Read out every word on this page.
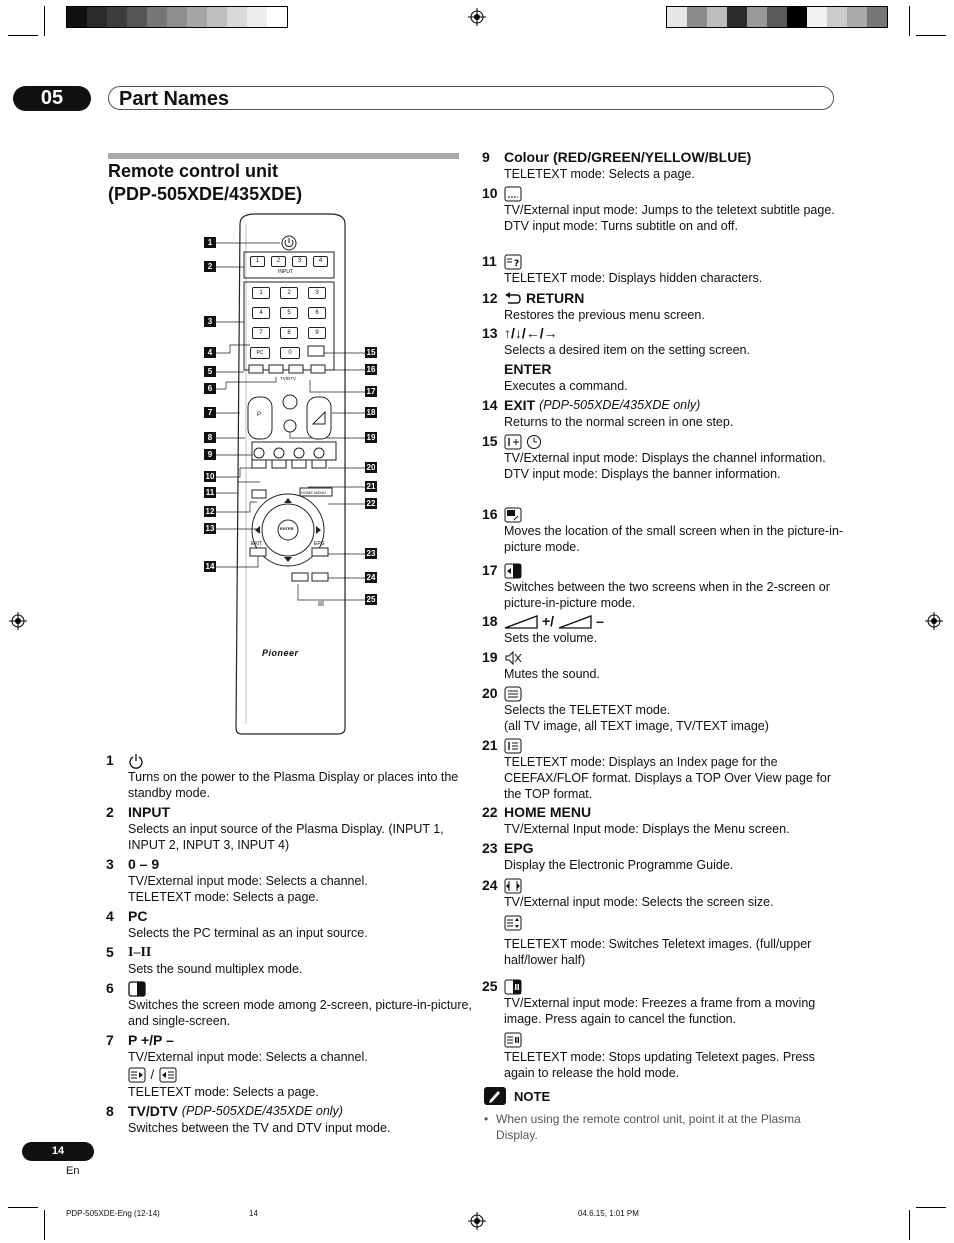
05	Part Names
Remote control unit
(PDP-505XDE/435XDE)
1	2	3	4
INPUT
1	2	3
4	5	6
7	8	9
0
PC
TV/DTV
P
ENTER
HOME MENU
EXIT	EPG
Pioneer
1
2
3
4
5
6
7
8
9
10
11
12
13
14
15
16
17
18
19
20
21
22
23
24
25
1
Turns on the power to the Plasma Display or places into the standby mode.
2	INPUT
Selects an input source of the Plasma Display. (INPUT 1, INPUT 2, INPUT 3, INPUT 4)
3	0 – 9
TV/External input mode: Selects a channel.
TELETEXT mode: Selects a page.
4	PC
Selects the PC terminal as an input source.
5	I–II
Sets the sound multiplex mode.
6
Switches the screen mode among 2-screen, picture-in-picture, and single-screen.
7	P +/P –
TV/External input mode: Selects a channel.
/
TELETEXT mode: Selects a page.
8	TV/DTV (PDP-505XDE/435XDE only)
Switches between the TV and DTV input mode.
9	Colour (RED/GREEN/YELLOW/BLUE)
TELETEXT mode: Selects a page.
10
TV/External input mode: Jumps to the teletext subtitle page.
DTV input mode: Turns subtitle on and off.
11	?
TELETEXT mode: Displays hidden characters.
12 RETURN
Restores the previous menu screen.
13 ↑/↓/←/→
Selects a desired item on the setting screen.
ENTER
Executes a command.
14 EXIT (PDP-505XDE/435XDE only)
Returns to the normal screen in one step.
15
TV/External input mode: Displays the channel information.
DTV input mode: Displays the banner information.
16
Moves the location of the small screen when in the picture-in-picture mode.
17
Switches between the two screens when in the 2-screen or picture-in-picture mode.
18	+/	–
Sets the volume.
19
Mutes the sound.
20
Selects the TELETEXT mode.
(all TV image, all TEXT image, TV/TEXT image)
21
TELETEXT mode: Displays an Index page for the CEEFAX/FLOF format. Displays a TOP Over View page for the TOP format.
22 HOME MENU
TV/External Input mode: Displays the Menu screen.
23 EPG
Display the Electronic Programme Guide.
24
TV/External input mode: Selects the screen size.
TELETEXT mode: Switches Teletext images. (full/upper half/lower half)
25
TV/External input mode: Freezes a frame from a moving image. Press again to cancel the function.
TELETEXT mode: Stops updating Teletext pages. Press again to release the hold mode.
NOTE
• When using the remote control unit, point it at the Plasma Display.
14
En
PDP-505XDE-Eng (12-14)	14	04.6.15, 1:01 PM
